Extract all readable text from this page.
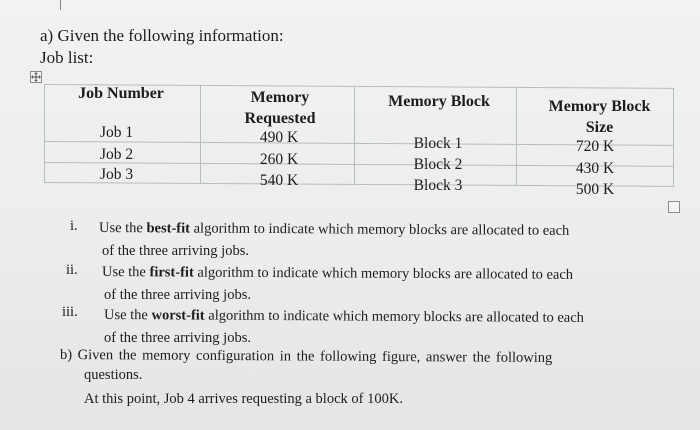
a) Given the following information:
Job list:
Job Number	Memory
Requested
Memory Block	Memory Block
Size
Job 1
Job 2
Job 3
490 K
260 K
540 K
Block 1
Block 2
Block 3
720 K
430 K
500 K
i. Use the best-fit algorithm to indicate which memory blocks are allocated to each
of the three arriving jobs.
ii. Use the first-fit algorithm to indicate which memory blocks are allocated to each
of the three arriving jobs.
iii. Use the worst-fit algorithm to indicate which memory blocks are allocated to each
of the three arriving jobs.
b) Given the memory configuration in the following figure, answer the following
questions.
At this point, Job 4 arrives requesting a block of 100K.
